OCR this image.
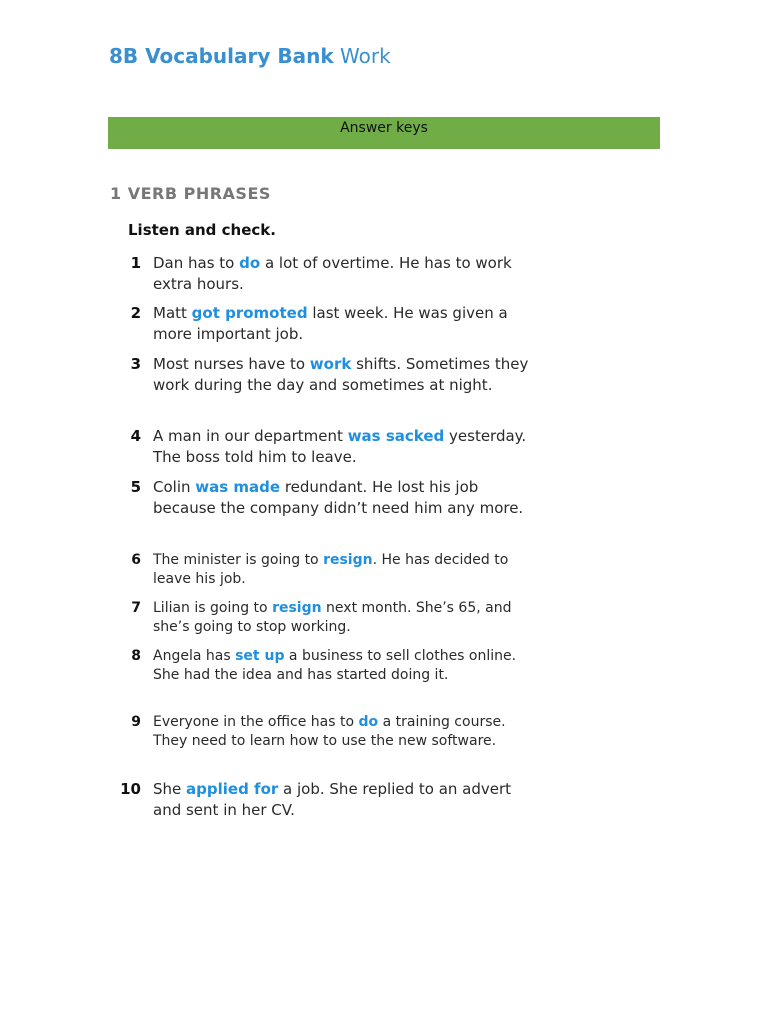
8B Vocabulary Bank Work
Answer keys
1 VERB PHRASES
Listen and check.
1 Dan has to do a lot of overtime. He has to work extra hours.
2 Matt got promoted last week. He was given a more important job.
3 Most nurses have to work shifts. Sometimes they work during the day and sometimes at night.
4 A man in our department was sacked yesterday. The boss told him to leave.
5 Colin was made redundant. He lost his job because the company didn’t need him any more.
6 The minister is going to resign. He has decided to leave his job.
7 Lilian is going to resign next month. She’s 65, and she’s going to stop working.
8 Angela has set up a business to sell clothes online. She had the idea and has started doing it.
9 Everyone in the office has to do a training course. They need to learn how to use the new software.
10 She applied for a job. She replied to an advert and sent in her CV.
